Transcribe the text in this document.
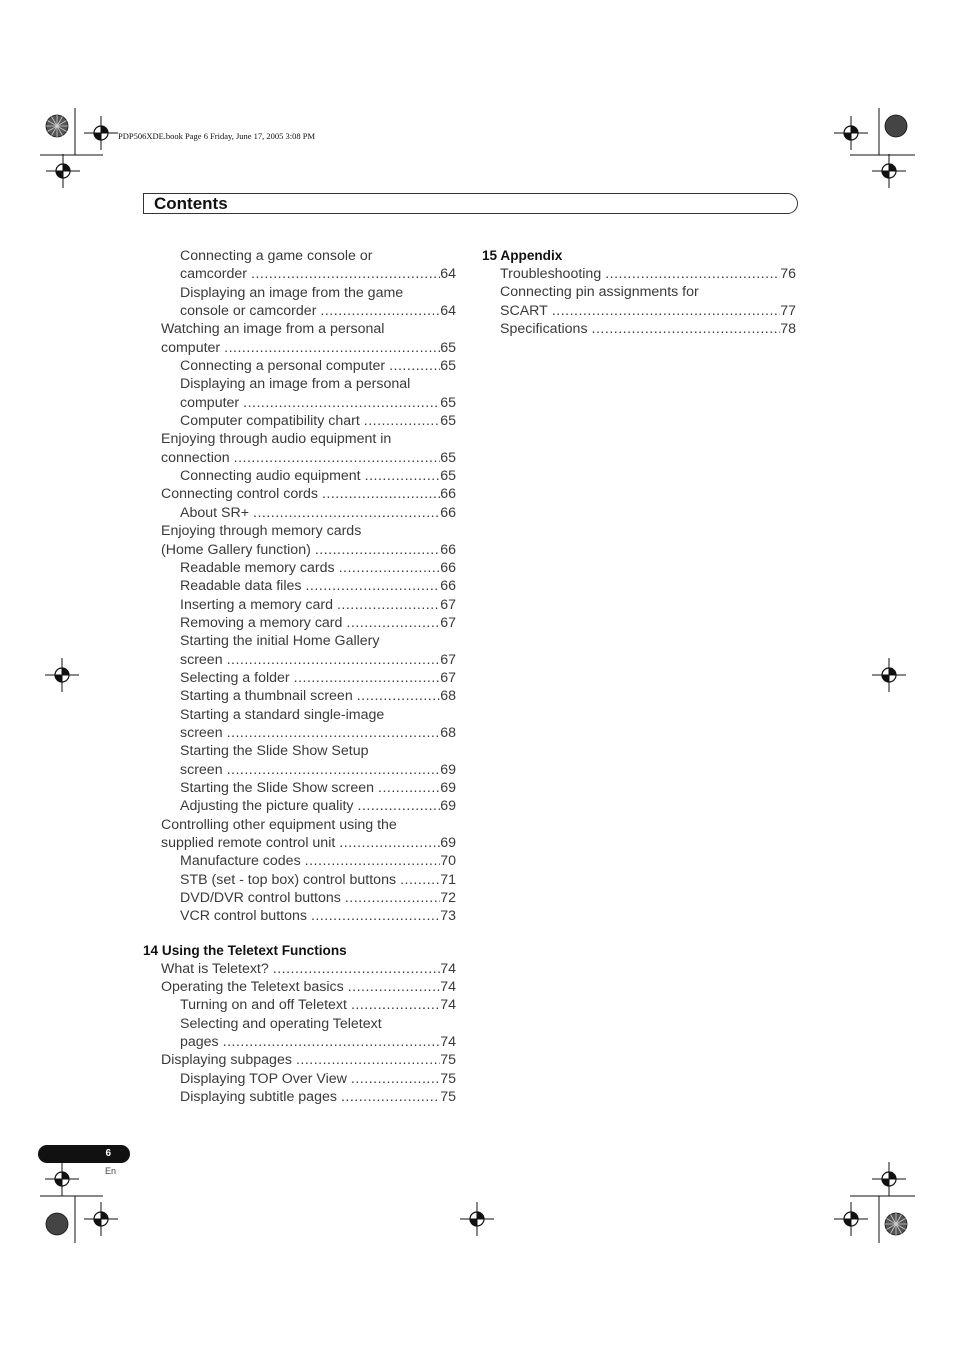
PDP506XDE.book Page 6 Friday, June 17, 2005 3:08 PM
Contents
Connecting a game console or
camcorder .....	64
Displaying an image from the game
console or camcorder .....	64
Watching an image from a personal
computer .....	65
Connecting a personal computer .....	65
Displaying an image from a personal
computer .....	65
Computer compatibility chart .....	65
Enjoying through audio equipment in
connection .....	65
Connecting audio equipment .....	65
Connecting control cords .....	66
About SR+ .....	66
Enjoying through memory cards
(Home Gallery function) .....	66
Readable memory cards .....	66
Readable data files .....	66
Inserting a memory card .....	67
Removing a memory card .....	67
Starting the initial Home Gallery
screen .....	67
Selecting a folder .....	67
Starting a thumbnail screen .....	68
Starting a standard single-image
screen .....	68
Starting the Slide Show Setup
screen .....	69
Starting the Slide Show screen .....	69
Adjusting the picture quality .....	69
Controlling other equipment using the
supplied remote control unit .....	69
Manufacture codes .....	70
STB (set - top box) control buttons .....	71
DVD/DVR control buttons .....	72
VCR control buttons .....	73
14 Using the Teletext Functions
What is Teletext? .....	74
Operating the Teletext basics .....	74
Turning on and off Teletext .....	74
Selecting and operating Teletext
pages .....	74
Displaying subpages .....	75
Displaying TOP Over View .....	75
Displaying subtitle pages .....	75
15 Appendix
Troubleshooting .....	76
Connecting pin assignments for
SCART .....	77
Specifications .....	78
6
En
